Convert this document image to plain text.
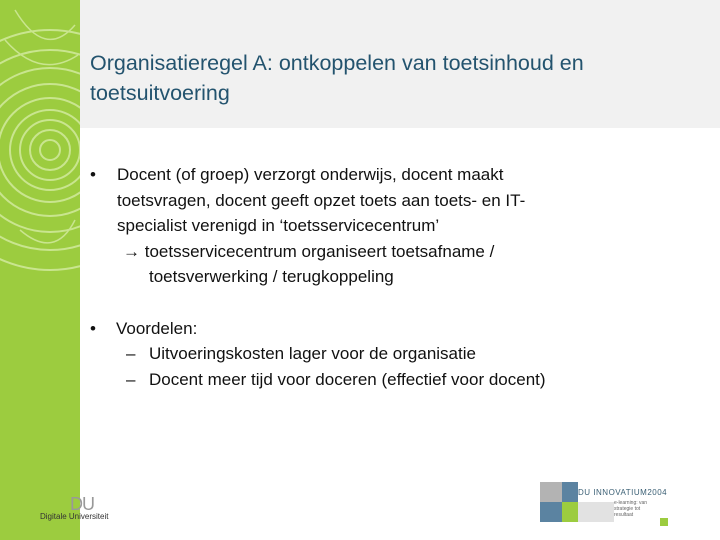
Organisatieregel A: ontkoppelen van toetsinhoud en toetsuitvoering
• Docent (of groep) verzorgt onderwijs, docent maakt
toetsvragen, docent geeft opzet toets aan toets- en IT-
specialist verenigd in ‘toetsservicecentrum’
→ toetsservicecentrum organiseert toetsafname /
toetsverwerking / terugkoppeling
• Voordelen:
– Uitvoeringskosten lager voor de organisatie
– Docent meer tijd voor doceren (effectief voor docent)
DU
Digitale Universiteit
DU INNOVATIUM2004
e-learning: van strategie tot resultaat
